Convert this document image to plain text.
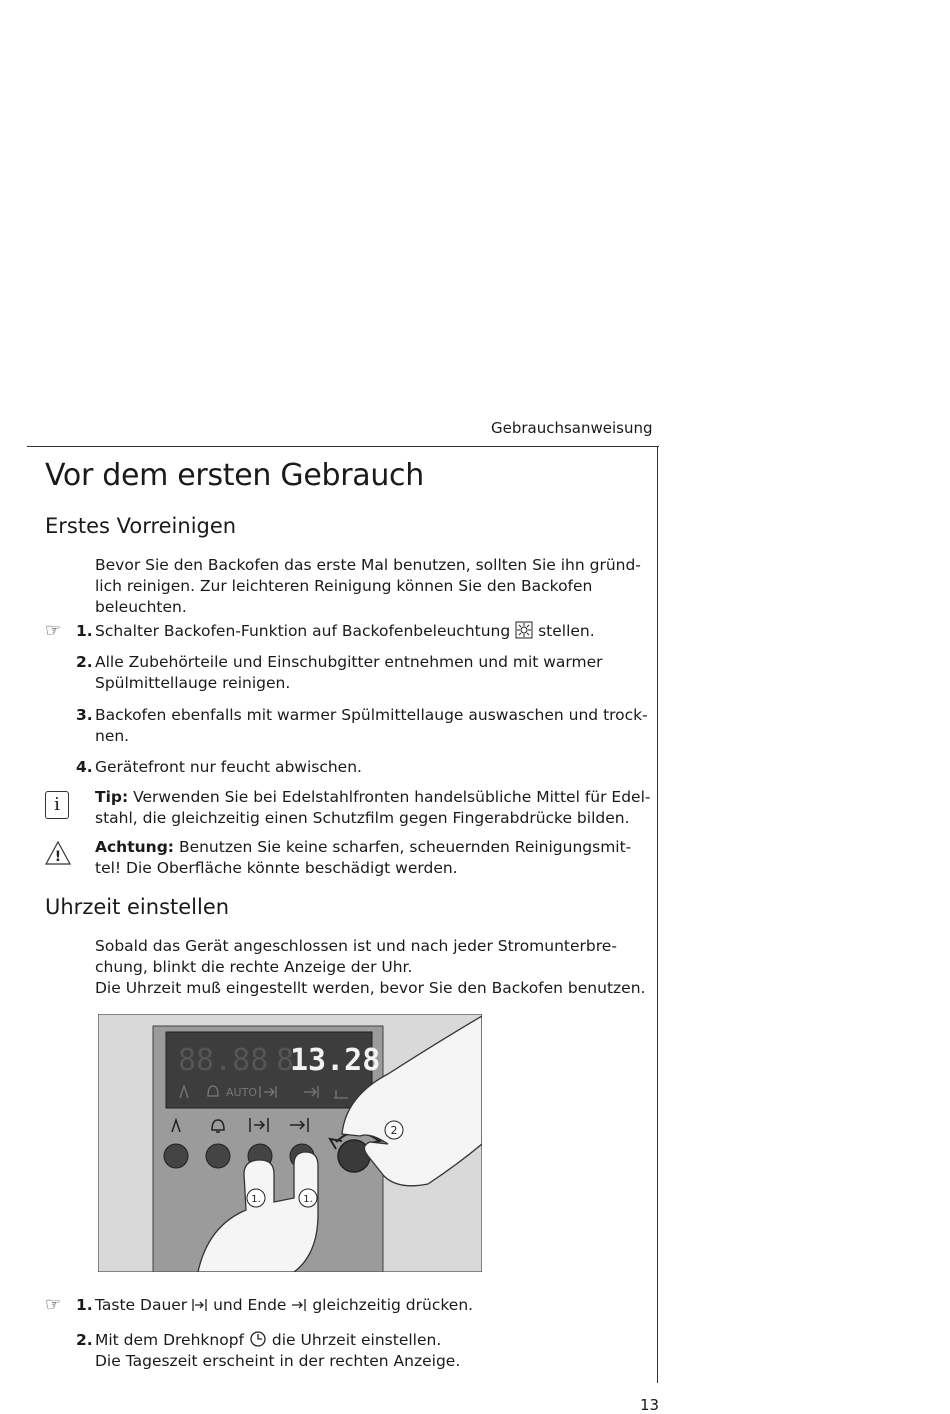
Gebrauchsanweisung
Vor dem ersten Gebrauch
Erstes Vorreinigen
Bevor Sie den Backofen das erste Mal benutzen, sollten Sie ihn gründ-
lich reinigen. Zur leichteren Reinigung können Sie den Backofen
beleuchten.
☞ 1. Schalter Backofen-Funktion auf Backofenbeleuchtung stellen.
2. Alle Zubehörteile und Einschubgitter entnehmen und mit warmer
Spülmittellauge reinigen.
3. Backofen ebenfalls mit warmer Spülmittellauge auswaschen und trock-
nen.
4. Gerätefront nur feucht abwischen.
i	Tip: Verwenden Sie bei Edelstahlfronten handelsübliche Mittel für Edel-
stahl, die gleichzeitig einen Schutzfilm gegen Fingerabdrücke bilden.
!
Achtung: Benutzen Sie keine scharfen, scheuernden Reinigungsmit-
tel! Die Oberfläche könnte beschädigt werden.
Uhrzeit einstellen
Sobald das Gerät angeschlossen ist und nach jeder Stromunterbre-
chung, blinkt die rechte Anzeige der Uhr.
Die Uhrzeit muß eingestellt werden, bevor Sie den Backofen benutzen.
88.88 8
13.28
AUTO
1.	1.
2
☞ 1. Taste Dauer und Ende gleichzeitig drücken.
2. Mit dem Drehknopf die Uhrzeit einstellen.
Die Tageszeit erscheint in der rechten Anzeige.
13
